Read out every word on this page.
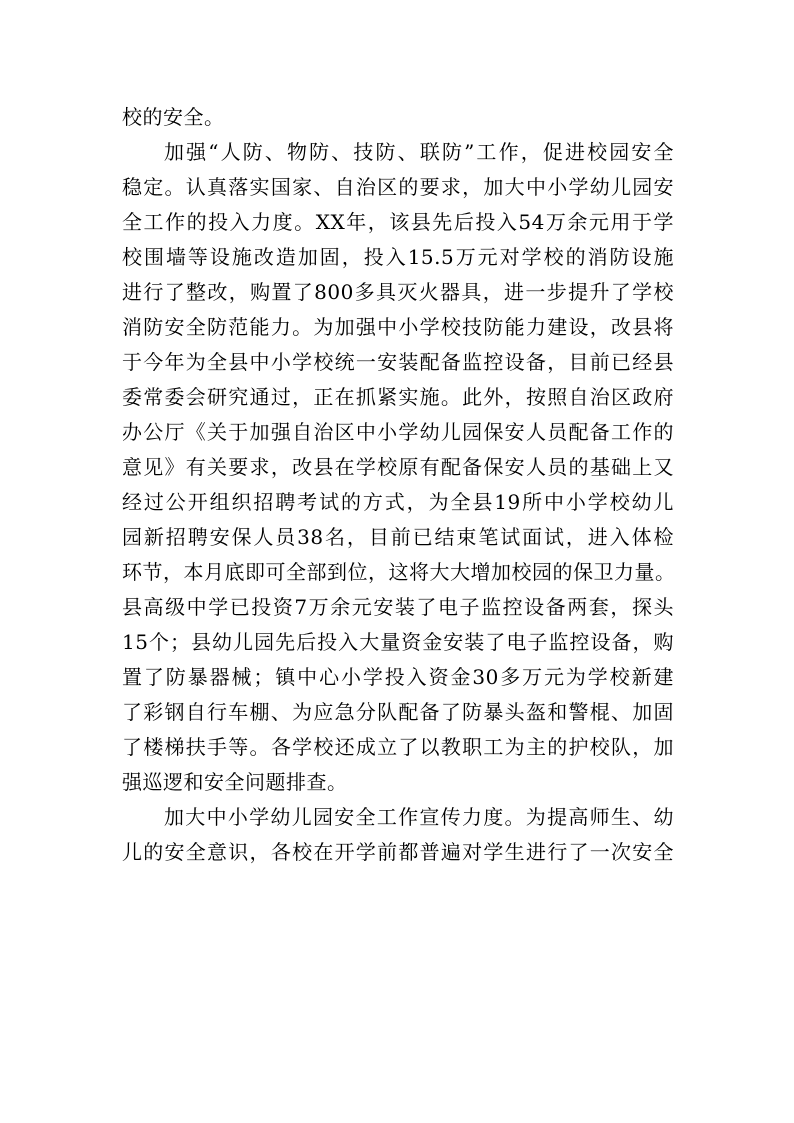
校的安全。
加强“人防、物防、技防、联防”工作，促进校园安全
稳定。认真落实国家、自治区的要求，加大中小学幼儿园安
全工作的投入力度。XX年，该县先后投入54万余元用于学
校围墙等设施改造加固，投入15.5万元对学校的消防设施
进行了整改，购置了800多具灭火器具，进一步提升了学校
消防安全防范能力。为加强中小学校技防能力建设，改县将
于今年为全县中小学校统一安装配备监控设备，目前已经县
委常委会研究通过，正在抓紧实施。此外，按照自治区政府
办公厅《关于加强自治区中小学幼儿园保安人员配备工作的
意见》有关要求，改县在学校原有配备保安人员的基础上又
经过公开组织招聘考试的方式，为全县19所中小学校幼儿
园新招聘安保人员38名，目前已结束笔试面试，进入体检
环节，本月底即可全部到位，这将大大增加校园的保卫力量。
县高级中学已投资7万余元安装了电子监控设备两套，探头
15个；县幼儿园先后投入大量资金安装了电子监控设备，购
置了防暴器械；镇中心小学投入资金30多万元为学校新建
了彩钢自行车棚、为应急分队配备了防暴头盔和警棍、加固
了楼梯扶手等。各学校还成立了以教职工为主的护校队，加
强巡逻和安全问题排查。
加大中小学幼儿园安全工作宣传力度。为提高师生、幼
儿的安全意识，各校在开学前都普遍对学生进行了一次安全
